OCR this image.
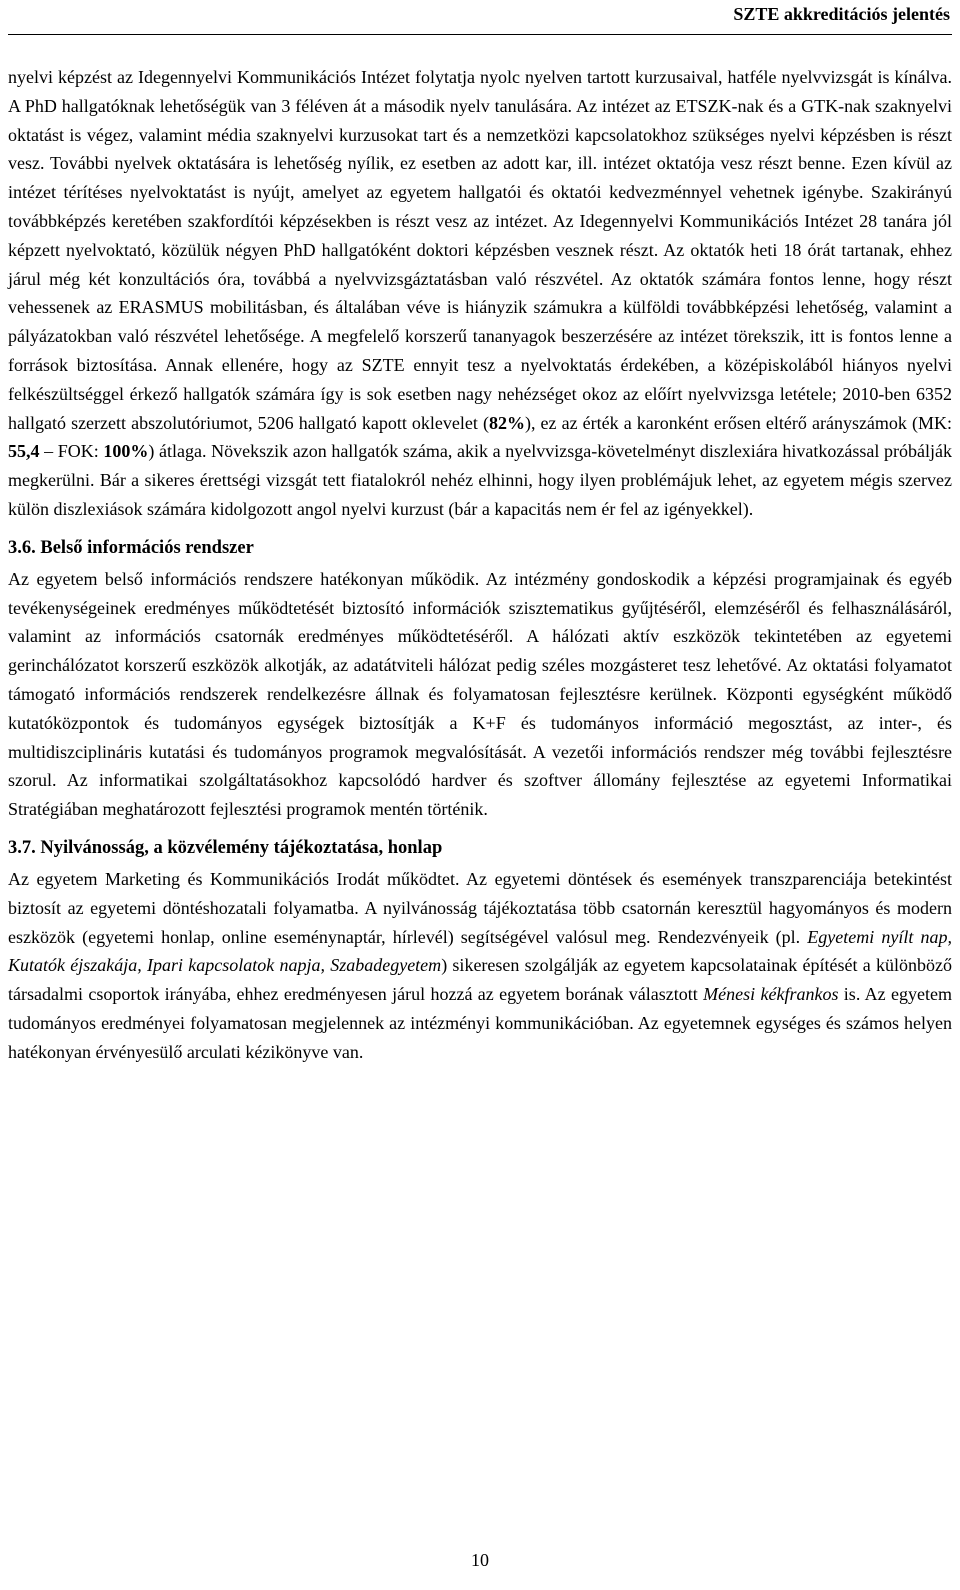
SZTE akkreditációs jelentés

nyelvi képzést az Idegennyelvi Kommunikációs Intézet folytatja nyolc nyelven tartott kurzusaival, hatféle nyelvvizsgát is kínálva. A PhD hallgatóknak lehetőségük van 3 féléven át a második nyelv tanulására. Az intézet az ETSZK-nak és a GTK-nak szaknyelvi oktatást is végez, valamint média szaknyelvi kurzusokat tart és a nemzetközi kapcsolatokhoz szükséges nyelvi képzésben is részt vesz. További nyelvek oktatására is lehetőség nyílik, ez esetben az adott kar, ill. intézet oktatója vesz részt benne. Ezen kívül az intézet térítéses nyelvoktatást is nyújt, amelyet az egyetem hallgatói és oktatói kedvezménnyel vehetnek igénybe. Szakirányú továbbképzés keretében szakfordítói képzésekben is részt vesz az intézet. Az Idegennyelvi Kommunikációs Intézet 28 tanára jól képzett nyelvoktató, közülük négyen PhD hallgatóként doktori képzésben vesznek részt. Az oktatók heti 18 órát tartanak, ehhez járul még két konzultációs óra, továbbá a nyelvvizsgáztatásban való részvétel. Az oktatók számára fontos lenne, hogy részt vehessenek az ERASMUS mobilitásban, és általában véve is hiányzik számukra a külföldi továbbképzési lehetőség, valamint a pályázatokban való részvétel lehetősége. A megfelelő korszerű tananyagok beszerzésére az intézet törekszik, itt is fontos lenne a források biztosítása. Annak ellenére, hogy az SZTE ennyit tesz a nyelvoktatás érdekében, a középiskolából hiányos nyelvi felkészültséggel érkező hallgatók számára így is sok esetben nagy nehézséget okoz az előírt nyelvvizsga letétele; 2010-ben 6352 hallgató szerzett abszolutóriumot, 5206 hallgató kapott oklevelet (82%), ez az érték a karonként erősen eltérő arányszámok (MK: 55,4 – FOK: 100%) átlaga. Növekszik azon hallgatók száma, akik a nyelvvizsga-követelményt diszlexiára hivatkozással próbálják megkerülni. Bár a sikeres érettségi vizsgát tett fiatalokról nehéz elhinni, hogy ilyen problémájuk lehet, az egyetem mégis szervez külön diszlexiások számára kidolgozott angol nyelvi kurzust (bár a kapacitás nem ér fel az igényekkel).

3.6. Belső információs rendszer

Az egyetem belső információs rendszere hatékonyan működik. Az intézmény gondoskodik a képzési programjainak és egyéb tevékenységeinek eredményes működtetését biztosító információk szisztematikus gyűjtéséről, elemzéséről és felhasználásáról, valamint az információs csatornák eredményes működtetéséről. A hálózati aktív eszközök tekintetében az egyetemi gerinchálózatot korszerű eszközök alkotják, az adatátviteli hálózat pedig széles mozgásteret tesz lehetővé. Az oktatási folyamatot támogató információs rendszerek rendelkezésre állnak és folyamatosan fejlesztésre kerülnek. Központi egységként működő kutatóközpontok és tudományos egységek biztosítják a K+F és tudományos információ megosztást, az inter-, és multidiszciplináris kutatási és tudományos programok megvalósítását. A vezetői információs rendszer még további fejlesztésre szorul. Az informatikai szolgáltatásokhoz kapcsolódó hardver és szoftver állomány fejlesztése az egyetemi Informatikai Stratégiában meghatározott fejlesztési programok mentén történik.

3.7. Nyilvánosság, a közvélemény tájékoztatása, honlap

Az egyetem Marketing és Kommunikációs Irodát működtet. Az egyetemi döntések és események transzparenciája betekintést biztosít az egyetemi döntéshozatali folyamatba. A nyilvánosság tájékoztatása több csatornán keresztül hagyományos és modern eszközök (egyetemi honlap, online eseménynaptár, hírlevél) segítségével valósul meg. Rendezvényeik (pl. Egyetemi nyílt nap, Kutatók éjszakája, Ipari kapcsolatok napja, Szabadegyetem) sikeresen szolgálják az egyetem kapcsolatainak építését a különböző társadalmi csoportok irányába, ehhez eredményesen járul hozzá az egyetem borának választott Ménesi kékfrankos is. Az egyetem tudományos eredményei folyamatosan megjelennek az intézményi kommunikációban. Az egyetemnek egységes és számos helyen hatékonyan érvényesülő arculati kézikönyve van.

10
